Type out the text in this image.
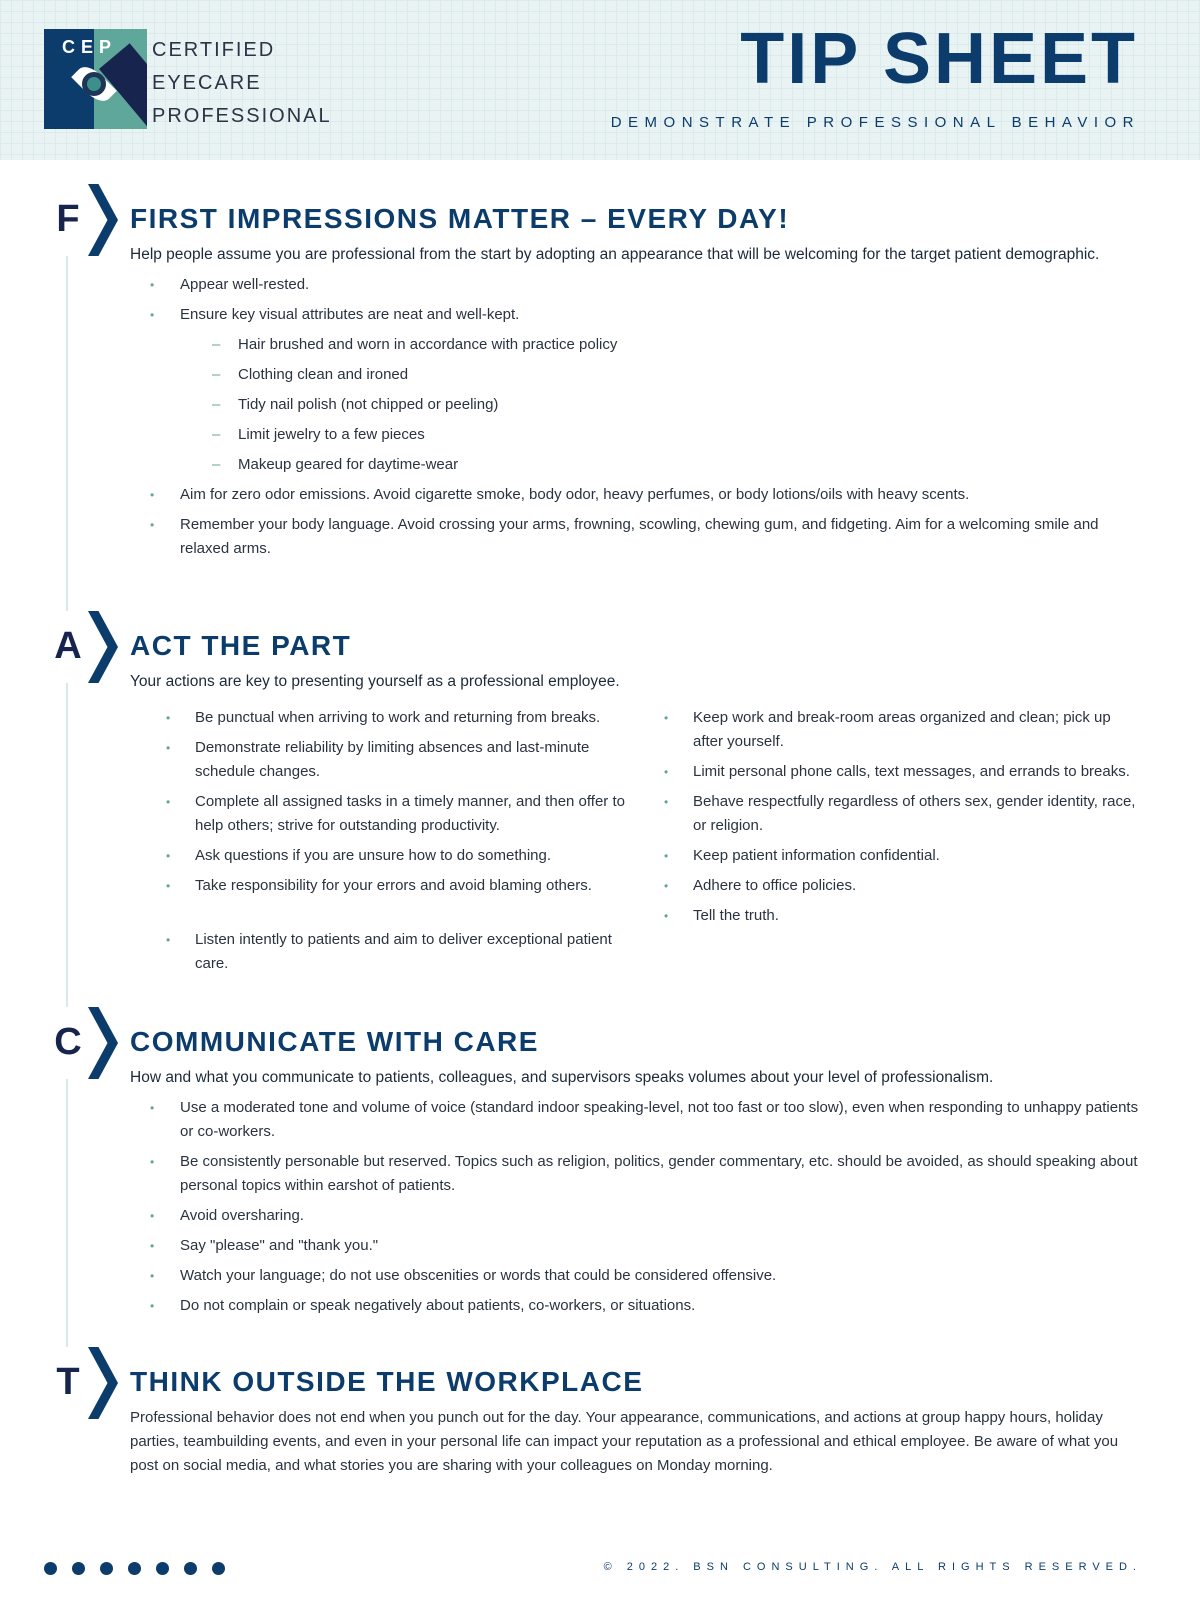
CEP CERTIFIED
EYECARE
PROFESSIONAL
TIP SHEET
DEMONSTRATE PROFESSIONAL BEHAVIOR
F	FIRST IMPRESSIONS MATTER – EVERY DAY!

Help people assume you are professional from the start by adopting an appearance that will be welcoming for the target patient demographic.

• Appear well-rested.
• Ensure key visual attributes are neat and well-kept.
– Hair brushed and worn in accordance with practice policy
– Clothing clean and ironed
– Tidy nail polish (not chipped or peeling)
– Limit jewelry to a few pieces
– Makeup geared for daytime-wear
• Aim for zero odor emissions. Avoid cigarette smoke, body odor, heavy perfumes, or body lotions/oils with heavy scents.
• Remember your body language. Avoid crossing your arms, frowning, scowling, chewing gum, and fidgeting. Aim for a welcoming smile and relaxed arms.
A	ACT THE PART

Your actions are key to presenting yourself as a professional employee.

• Be punctual when arriving to work and returning from breaks.
• Demonstrate reliability by limiting absences and last-minute schedule changes.
• Complete all assigned tasks in a timely manner, and then offer to help others; strive for outstanding productivity.
• Ask questions if you are unsure how to do something.
• Take responsibility for your errors and avoid blaming others.
• Listen intently to patients and aim to deliver exceptional patient care.
• Keep work and break-room areas organized and clean; pick up after yourself.
• Limit personal phone calls, text messages, and errands to breaks.
• Behave respectfully regardless of others sex, gender identity, race, or religion.
• Keep patient information confidential.
• Adhere to office policies.
• Tell the truth.
C	COMMUNICATE WITH CARE

How and what you communicate to patients, colleagues, and supervisors speaks volumes about your level of professionalism.

• Use a moderated tone and volume of voice (standard indoor speaking-level, not too fast or too slow), even when responding to unhappy patients or co-workers.
• Be consistently personable but reserved. Topics such as religion, politics, gender commentary, etc. should be avoided, as should speaking about personal topics within earshot of patients.
• Avoid oversharing.
• Say "please" and "thank you."
• Watch your language; do not use obscenities or words that could be considered offensive.
• Do not complain or speak negatively about patients, co-workers, or situations.
T	THINK OUTSIDE THE WORKPLACE

Professional behavior does not end when you punch out for the day. Your appearance, communications, and actions at group happy hours, holiday parties, teambuilding events, and even in your personal life can impact your reputation as a professional and ethical employee. Be aware of what you post on social media, and what stories you are sharing with your colleagues on Monday morning.

© 2022. BSN CONSULTING. ALL RIGHTS RESERVED.
